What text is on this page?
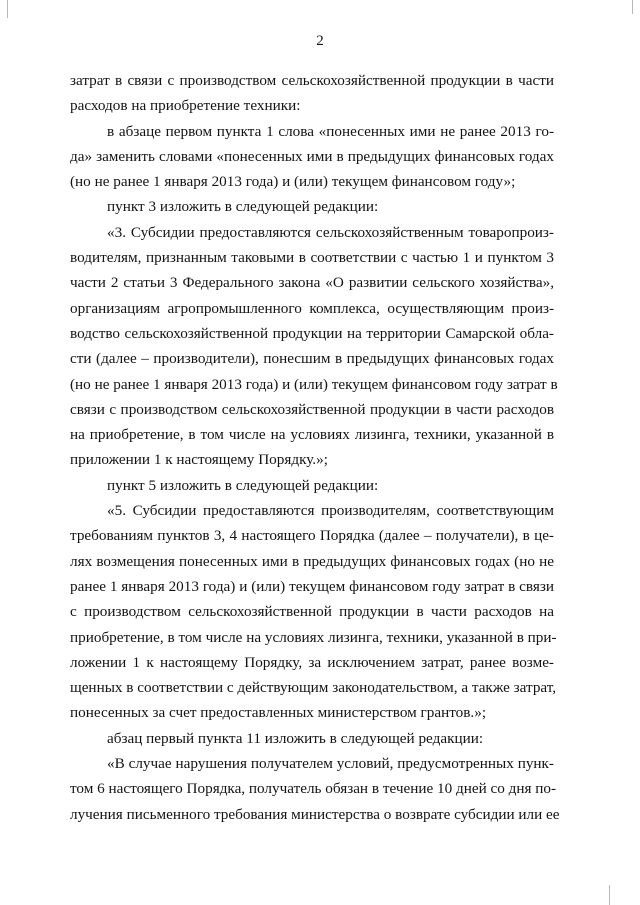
2
затрат в связи с производством сельскохозяйственной продукции в части
расходов на приобретение техники:
в абзаце первом пункта 1 слова «понесенных ими не ранее 2013 го-
да» заменить словами «понесенных ими в предыдущих финансовых годах
(но не ранее 1 января 2013 года) и (или) текущем финансовом году»;
пункт 3 изложить в следующей редакции:
«3. Субсидии предоставляются сельскохозяйственным товаропроиз-
водителям, признанным таковыми в соответствии с частью 1 и пунктом 3
части 2 статьи 3 Федерального закона «О развитии сельского хозяйства»,
организациям агропромышленного комплекса, осуществляющим произ-
водство сельскохозяйственной продукции на территории Самарской обла-
сти (далее – производители), понесшим в предыдущих финансовых годах
(но не ранее 1 января 2013 года) и (или) текущем финансовом году затрат в
связи с производством сельскохозяйственной продукции в части расходов
на приобретение, в том числе на условиях лизинга, техники, указанной в
приложении 1 к настоящему Порядку.»;
пункт 5 изложить в следующей редакции:
«5. Субсидии предоставляются производителям, соответствующим
требованиям пунктов 3, 4 настоящего Порядка (далее – получатели), в це-
лях возмещения понесенных ими в предыдущих финансовых годах (но не
ранее 1 января 2013 года) и (или) текущем финансовом году затрат в связи
с производством сельскохозяйственной продукции в части расходов на
приобретение, в том числе на условиях лизинга, техники, указанной в при-
ложении 1 к настоящему Порядку, за исключением затрат, ранее возме-
щенных в соответствии с действующим законодательством, а также затрат,
понесенных за счет предоставленных министерством грантов.»;
абзац первый пункта 11 изложить в следующей редакции:
«В случае нарушения получателем условий, предусмотренных пунк-
том 6 настоящего Порядка, получатель обязан в течение 10 дней со дня по-
лучения письменного требования министерства о возврате субсидии или ее
